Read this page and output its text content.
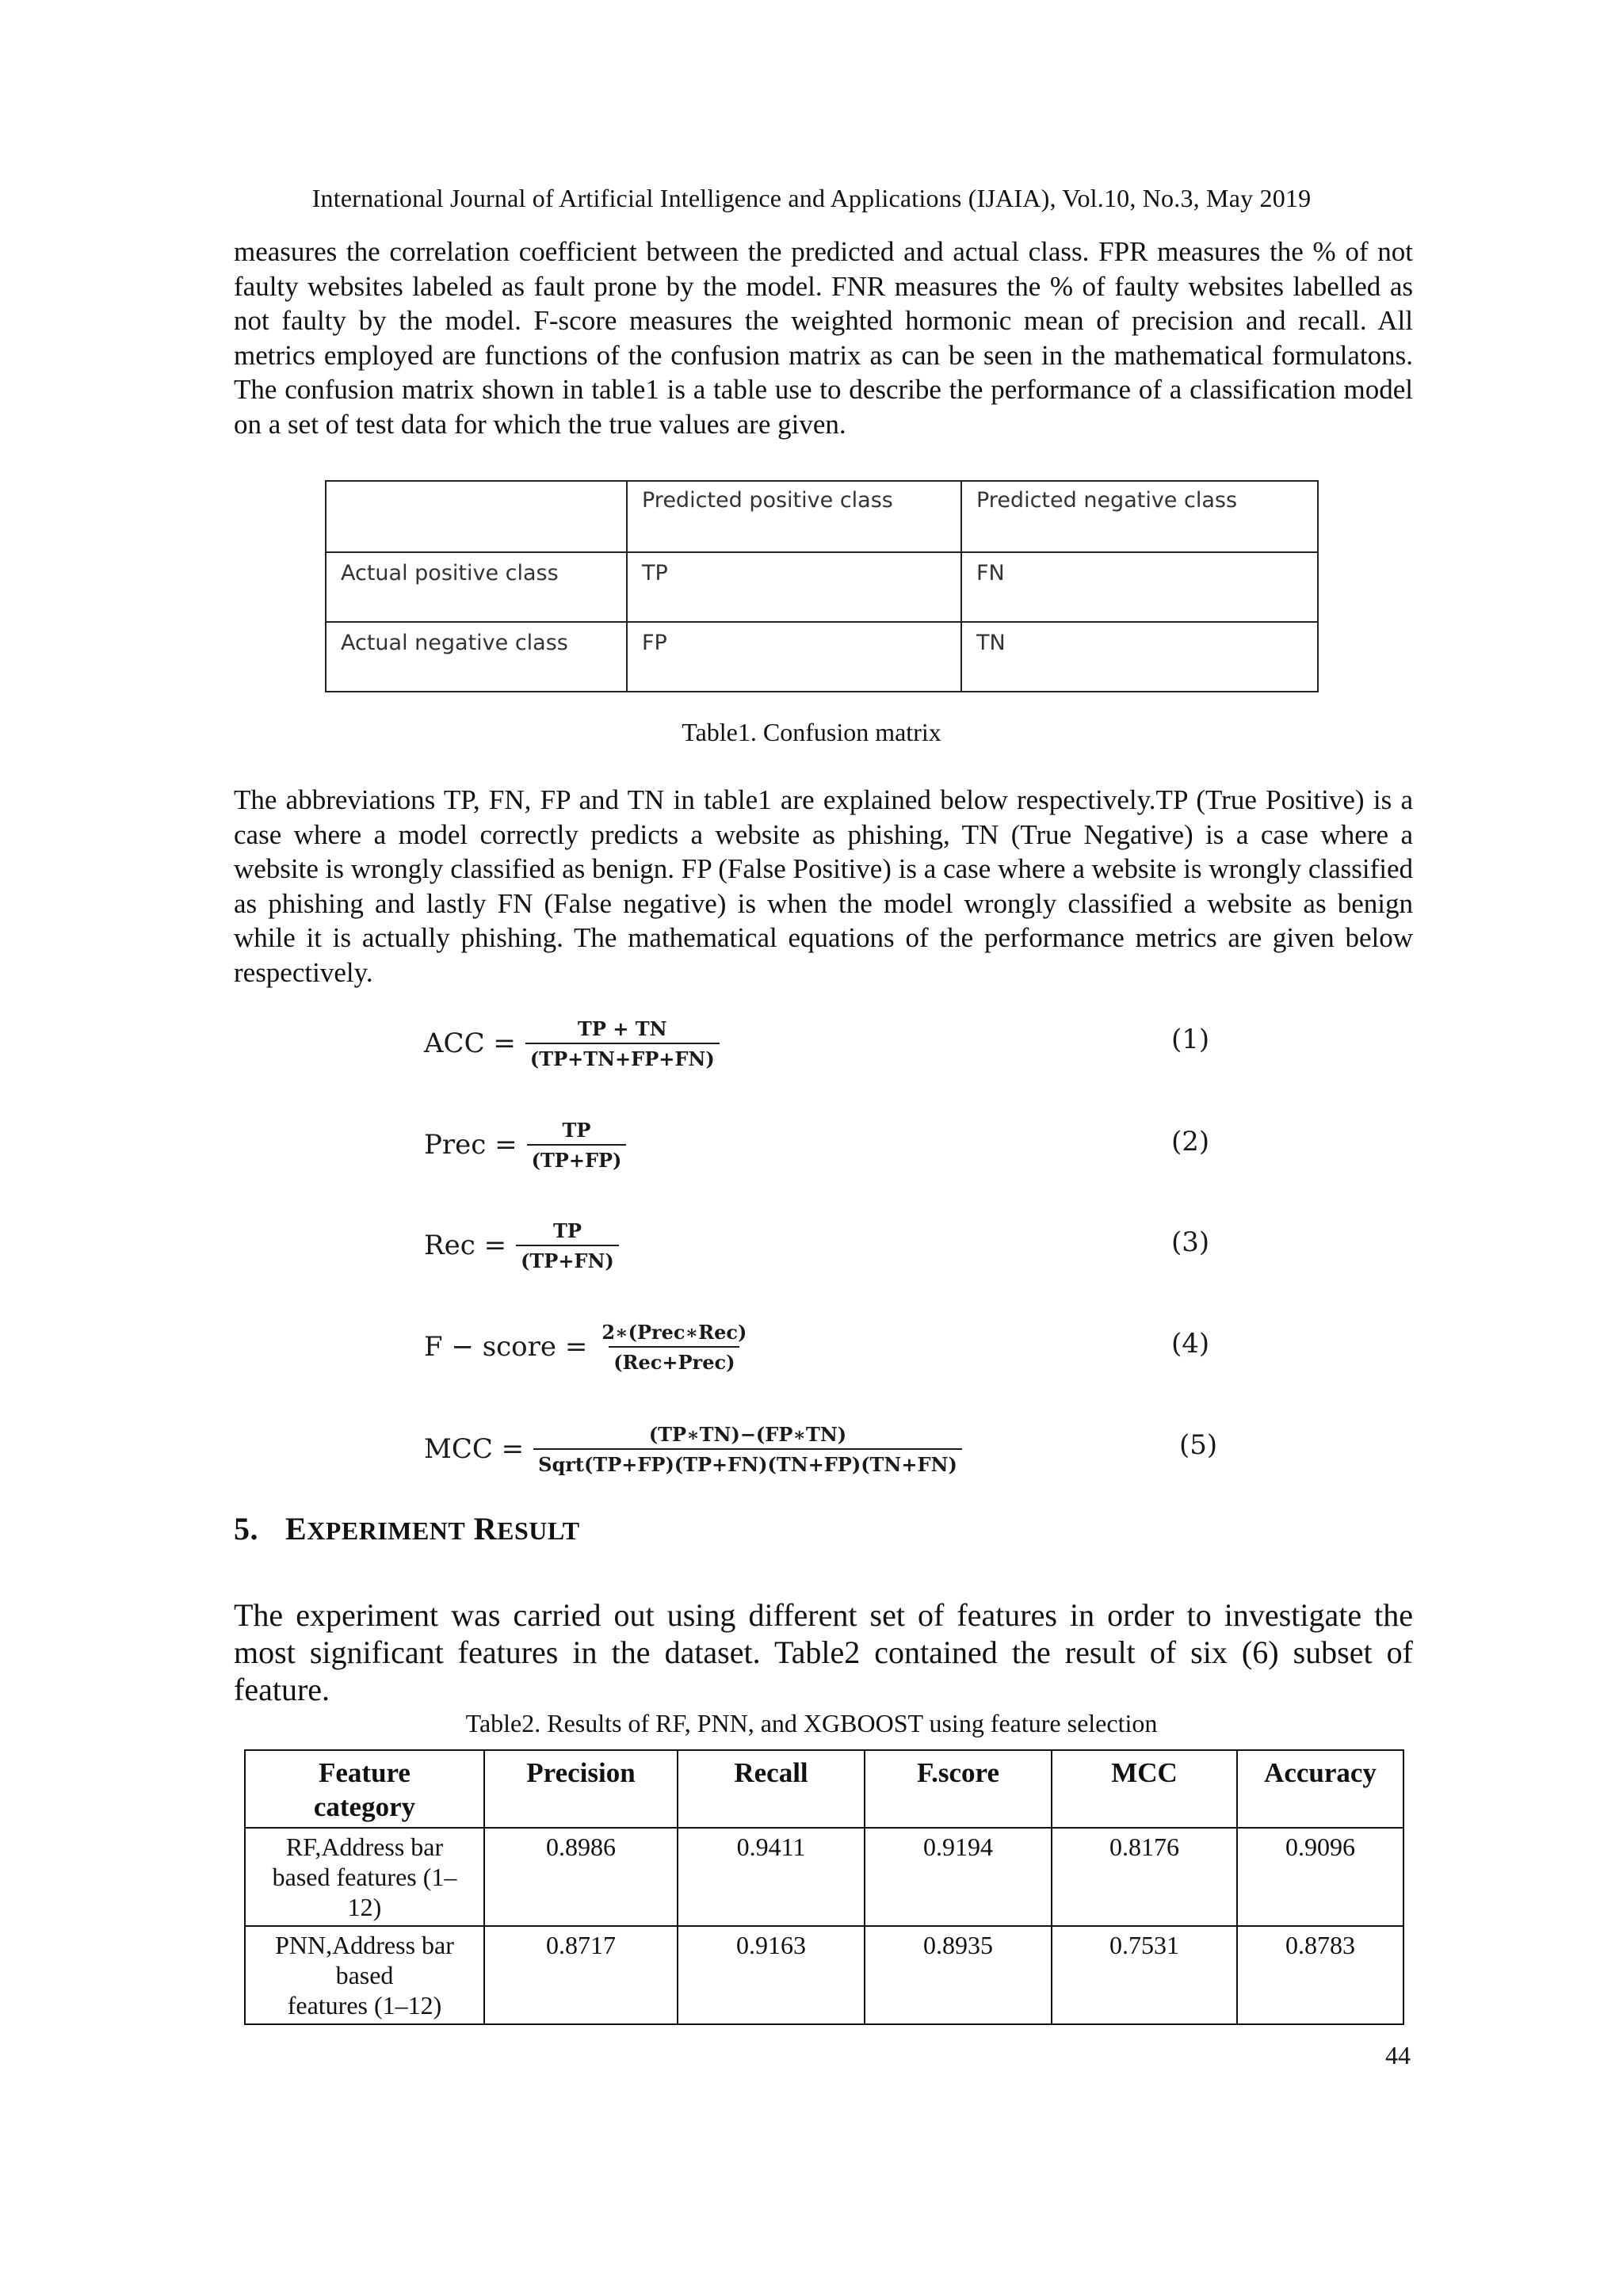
International Journal of Artificial Intelligence and Applications (IJAIA), Vol.10, No.3, May 2019

measures the correlation coefficient between the predicted and actual class. FPR measures the % of not faulty websites labeled as fault prone by the model. FNR measures the % of faulty websites labelled as not faulty by the model. F-score measures the weighted hormonic mean of precision and recall. All metrics employed are functions of the confusion matrix as can be seen in the mathematical formulatons. The confusion matrix shown in table1 is a table use to describe the performance of a classification model on a set of test data for which the true values are given.

	Predicted positive class	Predicted negative class
Actual positive class	TP	FN
Actual negative class	FP	TN
Table1. Confusion matrix

The abbreviations TP, FN, FP and TN in table1 are explained below respectively.TP (True Positive) is a case where a model correctly predicts a website as phishing, TN (True Negative) is a case where a website is wrongly classified as benign. FP (False Positive) is a case where a website is wrongly classified as phishing and lastly FN (False negative) is when the model wrongly classified a website as benign while it is actually phishing. The mathematical equations of the performance metrics are given below respectively.

ACC = $\frac{TP + TN}{(TP+TN+FP+FN)}$	(1)
Prec = $\frac{TP}{(TP+FP)}$	(2)
Rec = $\frac{TP}{(TP+FN)}$	(3)
F − score = $\frac{\text{2∗(Prec∗Rec)}}{\text{(Rec+Prec)}}$	(4)
MCC = $\frac{(TP∗TN)-(FP∗TN)}{\text{Sqrt(TP+FP)(TP+FN)(TN+FP)(TN+FN)}}$	(5)
5. EXPERIMENT RESULT

The experiment was carried out using different set of features in order to investigate the most significant features in the dataset. Table2 contained the result of six (6) subset of feature.

Table2. Results of RF, PNN, and XGBOOST using feature selection
Feature
category	Precision	Recall	F.score	MCC	Accuracy

RF,Address bar
based features (1–
12)	0.8986	0.9411	0.9194	0.8176	0.9096

PNN,Address bar
based
features (1–12)	0.8717	0.9163	0.8935	0.7531	0.8783
44
